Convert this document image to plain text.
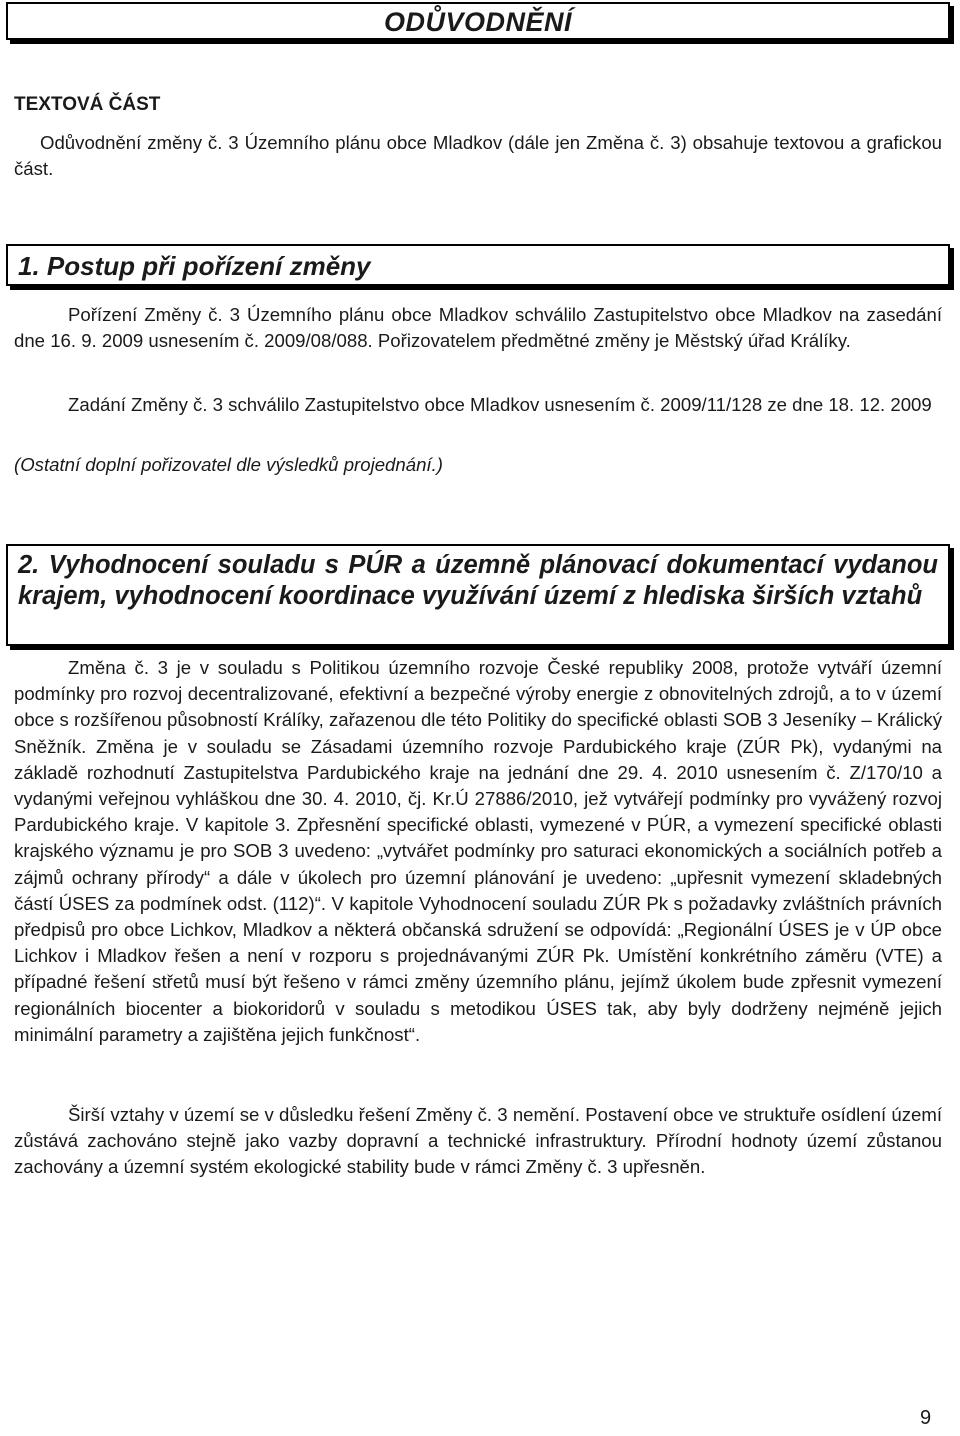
ODŮVODNĚNÍ
TEXTOVÁ ČÁST
Odůvodnění změny č. 3 Územního plánu obce Mladkov (dále jen Změna č. 3) obsahuje textovou a grafickou část.
1. Postup při pořízení změny
Pořízení Změny č. 3 Územního plánu obce Mladkov schválilo Zastupitelstvo obce Mladkov na zasedání dne 16. 9. 2009 usnesením č. 2009/08/088. Pořizovatelem předmětné změny je Městský úřad Králíky.
Zadání Změny č. 3 schválilo Zastupitelstvo obce Mladkov usnesením č. 2009/11/128 ze dne 18. 12. 2009
(Ostatní doplní pořizovatel dle výsledků projednání.)
2. Vyhodnocení souladu s PÚR a územně plánovací dokumentací vydanou krajem, vyhodnocení koordinace využívání území z hlediska širších vztahů
Změna č. 3 je v souladu s Politikou územního rozvoje České republiky 2008, protože vytváří územní podmínky pro rozvoj decentralizované, efektivní a bezpečné výroby energie z obnovitelných zdrojů, a to v území obce s rozšířenou působností Králíky, zařazenou dle této Politiky do specifické oblasti SOB 3 Jeseníky – Králický Sněžník. Změna je v souladu se Zásadami územního rozvoje Pardubického kraje (ZÚR Pk), vydanými na základě rozhodnutí Zastupitelstva Pardubického kraje na jednání dne 29. 4. 2010 usnesením č. Z/170/10 a vydanými veřejnou vyhláškou dne 30. 4. 2010, čj. Kr.Ú 27886/2010, jež vytvářejí podmínky pro vyvážený rozvoj Pardubického kraje. V kapitole 3. Zpřesnění specifické oblasti, vymezené v PÚR, a vymezení specifické oblasti krajského významu je pro SOB 3 uvedeno: „vytvářet podmínky pro saturaci ekonomických a sociálních potřeb a zájmů ochrany přírody“ a dále v úkolech pro územní plánování je uvedeno: „upřesnit vymezení skladebných částí ÚSES za podmínek odst. (112)“. V kapitole Vyhodnocení souladu ZÚR Pk s požadavky zvláštních právních předpisů pro obce Lichkov, Mladkov a některá občanská sdružení se odpovídá: „Regionální ÚSES je v ÚP obce Lichkov i Mladkov řešen a není v rozporu s projednávanými ZÚR Pk. Umístění konkrétního záměru (VTE) a případné řešení střetů musí být řešeno v rámci změny územního plánu, jejímž úkolem bude zpřesnit vymezení regionálních biocenter a biokoridorů v souladu s metodikou ÚSES tak, aby byly dodrženy nejméně jejich minimální parametry a zajištěna jejich funkčnost“.
Širší vztahy v území se v důsledku řešení Změny č. 3 nemění. Postavení obce ve struktuře osídlení území zůstává zachováno stejně jako vazby dopravní a technické infrastruktury. Přírodní hodnoty území zůstanou zachovány a územní systém ekologické stability bude v rámci Změny č. 3 upřesněn.
9
